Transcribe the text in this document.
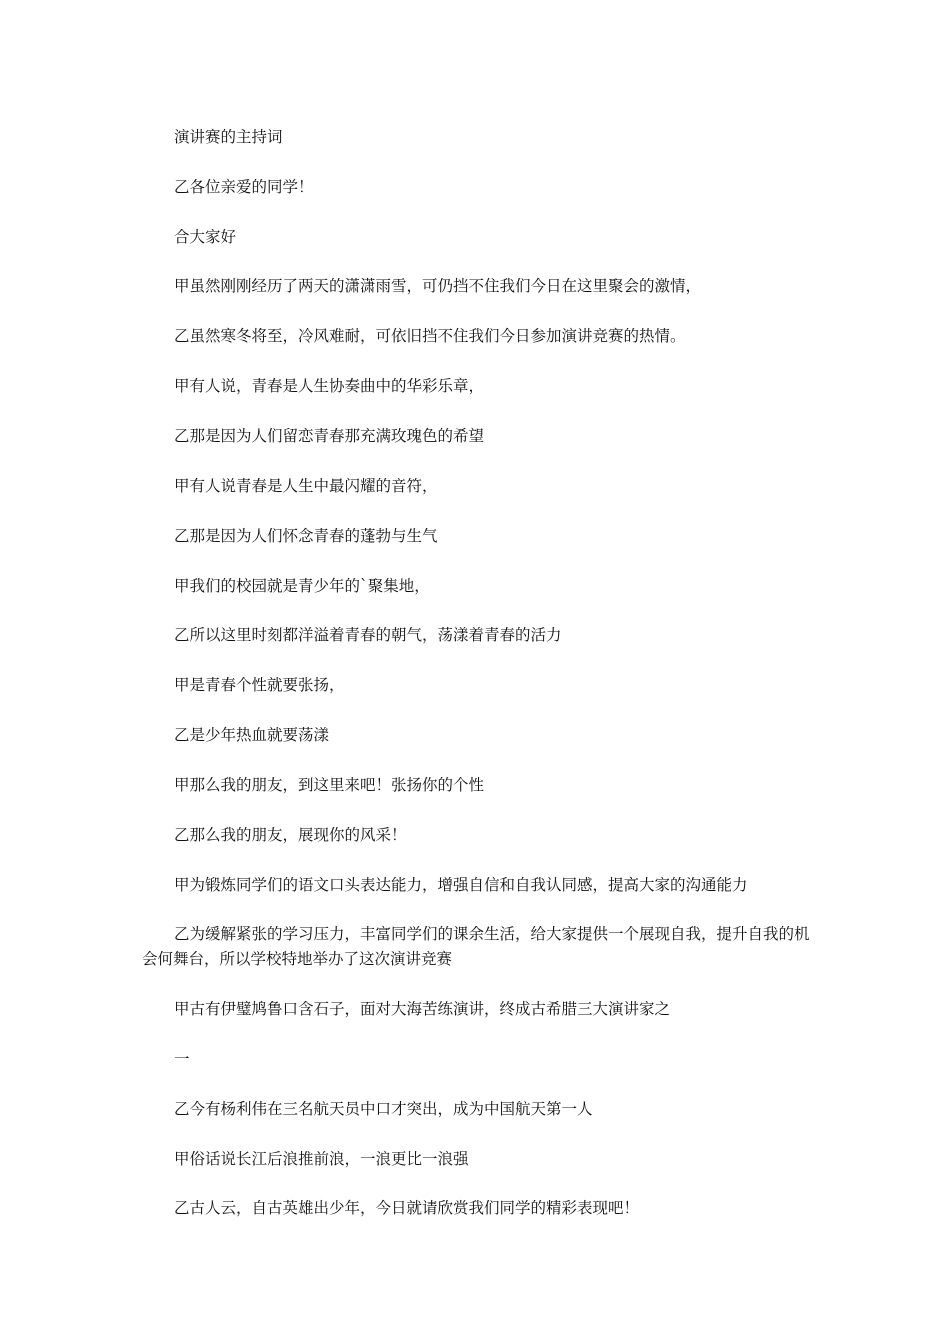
演讲赛的主持词

乙各位亲爱的同学！

合大家好

甲虽然刚刚经历了两天的潇潇雨雪，可仍挡不住我们今日在这里聚会的激情，

乙虽然寒冬将至，冷风难耐，可依旧挡不住我们今日参加演讲竞赛的热情。

甲有人说，青春是人生协奏曲中的华彩乐章，

乙那是因为人们留恋青春那充满玫瑰色的希望

甲有人说青春是人生中最闪耀的音符，

乙那是因为人们怀念青春的蓬勃与生气

甲我们的校园就是青少年的`聚集地，

乙所以这里时刻都洋溢着青春的朝气，荡漾着青春的活力

甲是青春个性就要张扬，

乙是少年热血就要荡漾

甲那么我的朋友，到这里来吧！张扬你的个性

乙那么我的朋友，展现你的风采！

甲为锻炼同学们的语文口头表达能力，增强自信和自我认同感，提高大家的沟通能力

乙为缓解紧张的学习压力，丰富同学们的课余生活，给大家提供一个展现自我，提升自我的机会何舞台，所以学校特地举办了这次演讲竞赛

甲古有伊璧鸠鲁口含石子，面对大海苦练演讲，终成古希腊三大演讲家之

一

乙今有杨利伟在三名航天员中口才突出，成为中国航天第一人

甲俗话说长江后浪推前浪，一浪更比一浪强

乙古人云，自古英雄出少年，今日就请欣赏我们同学的精彩表现吧！
